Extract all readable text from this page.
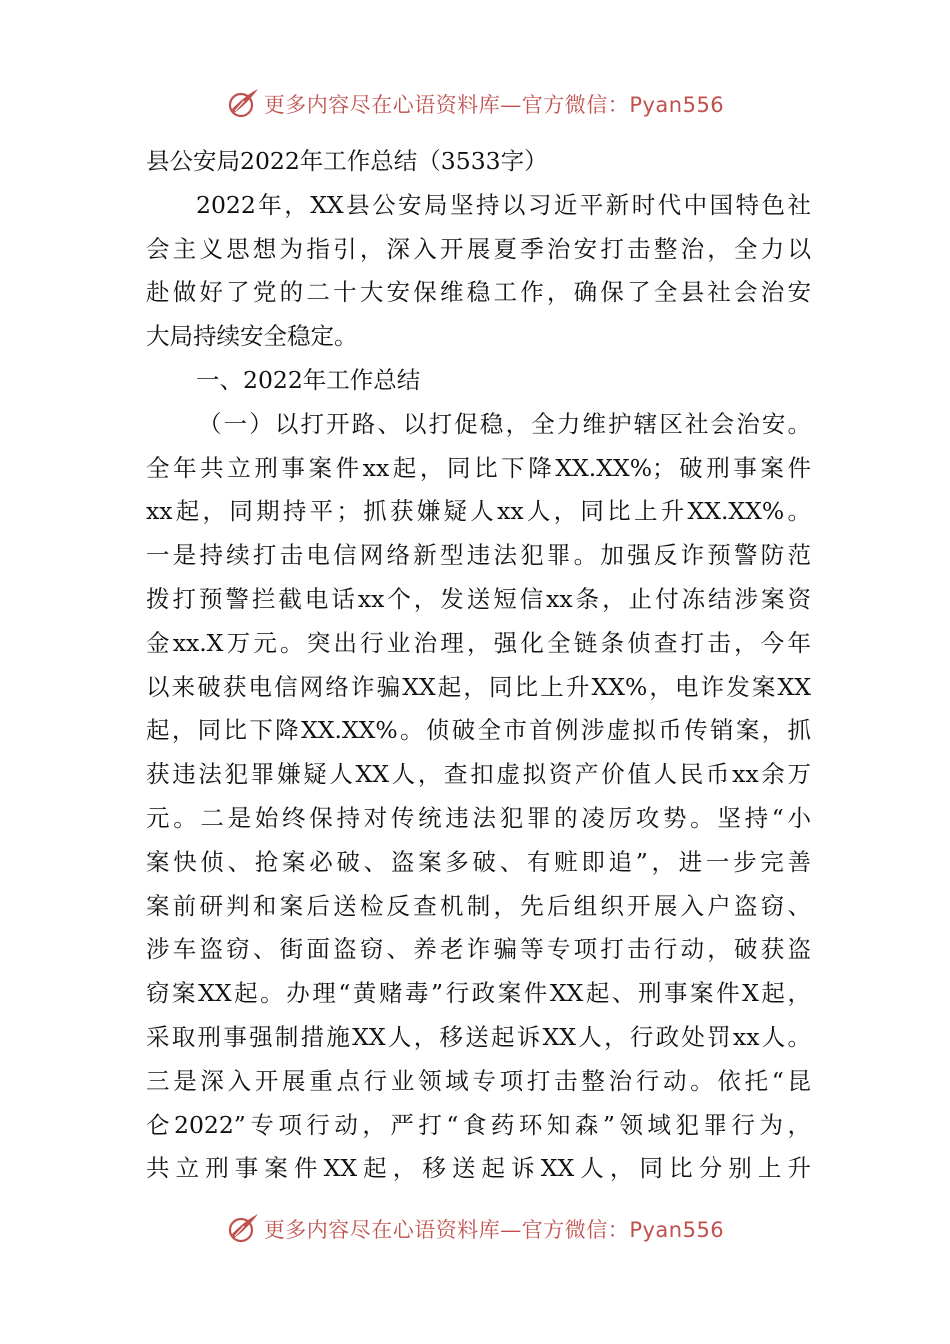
更多内容尽在心语资料库—官方微信：Pyan556
县公安局2022年工作总结（3533字）
2022年，XX县公安局坚持以习近平新时代中国特色社
会主义思想为指引，深入开展夏季治安打击整治，全力以
赴做好了党的二十大安保维稳工作，确保了全县社会治安
大局持续安全稳定。
一、2022年工作总结
（一）以打开路、以打促稳，全力维护辖区社会治安。
全年共立刑事案件xx起，同比下降XX.XX%；破刑事案件
xx起，同期持平；抓获嫌疑人xx人，同比上升XX.XX%。
一是持续打击电信网络新型违法犯罪。加强反诈预警防范
拨打预警拦截电话xx个，发送短信xx条，止付冻结涉案资
金xx.X万元。突出行业治理，强化全链条侦查打击，今年
以来破获电信网络诈骗XX起，同比上升XX%，电诈发案XX
起，同比下降XX.XX%。侦破全市首例涉虚拟币传销案，抓
获违法犯罪嫌疑人XX人，查扣虚拟资产价值人民币xx余万
元。二是始终保持对传统违法犯罪的凌厉攻势。坚持“小
案快侦、抢案必破、盗案多破、有赃即追”，进一步完善
案前研判和案后送检反查机制，先后组织开展入户盗窃、
涉车盗窃、街面盗窃、养老诈骗等专项打击行动，破获盗
窃案XX起。办理“黄赌毒”行政案件XX起、刑事案件X起，
采取刑事强制措施XX人，移送起诉XX人，行政处罚xx人。
三是深入开展重点行业领域专项打击整治行动。依托“昆
仑2022”专项行动，严打“食药环知森”领域犯罪行为，
共立刑事案件XX起，移送起诉XX人，同比分别上升
更多内容尽在心语资料库—官方微信：Pyan556
